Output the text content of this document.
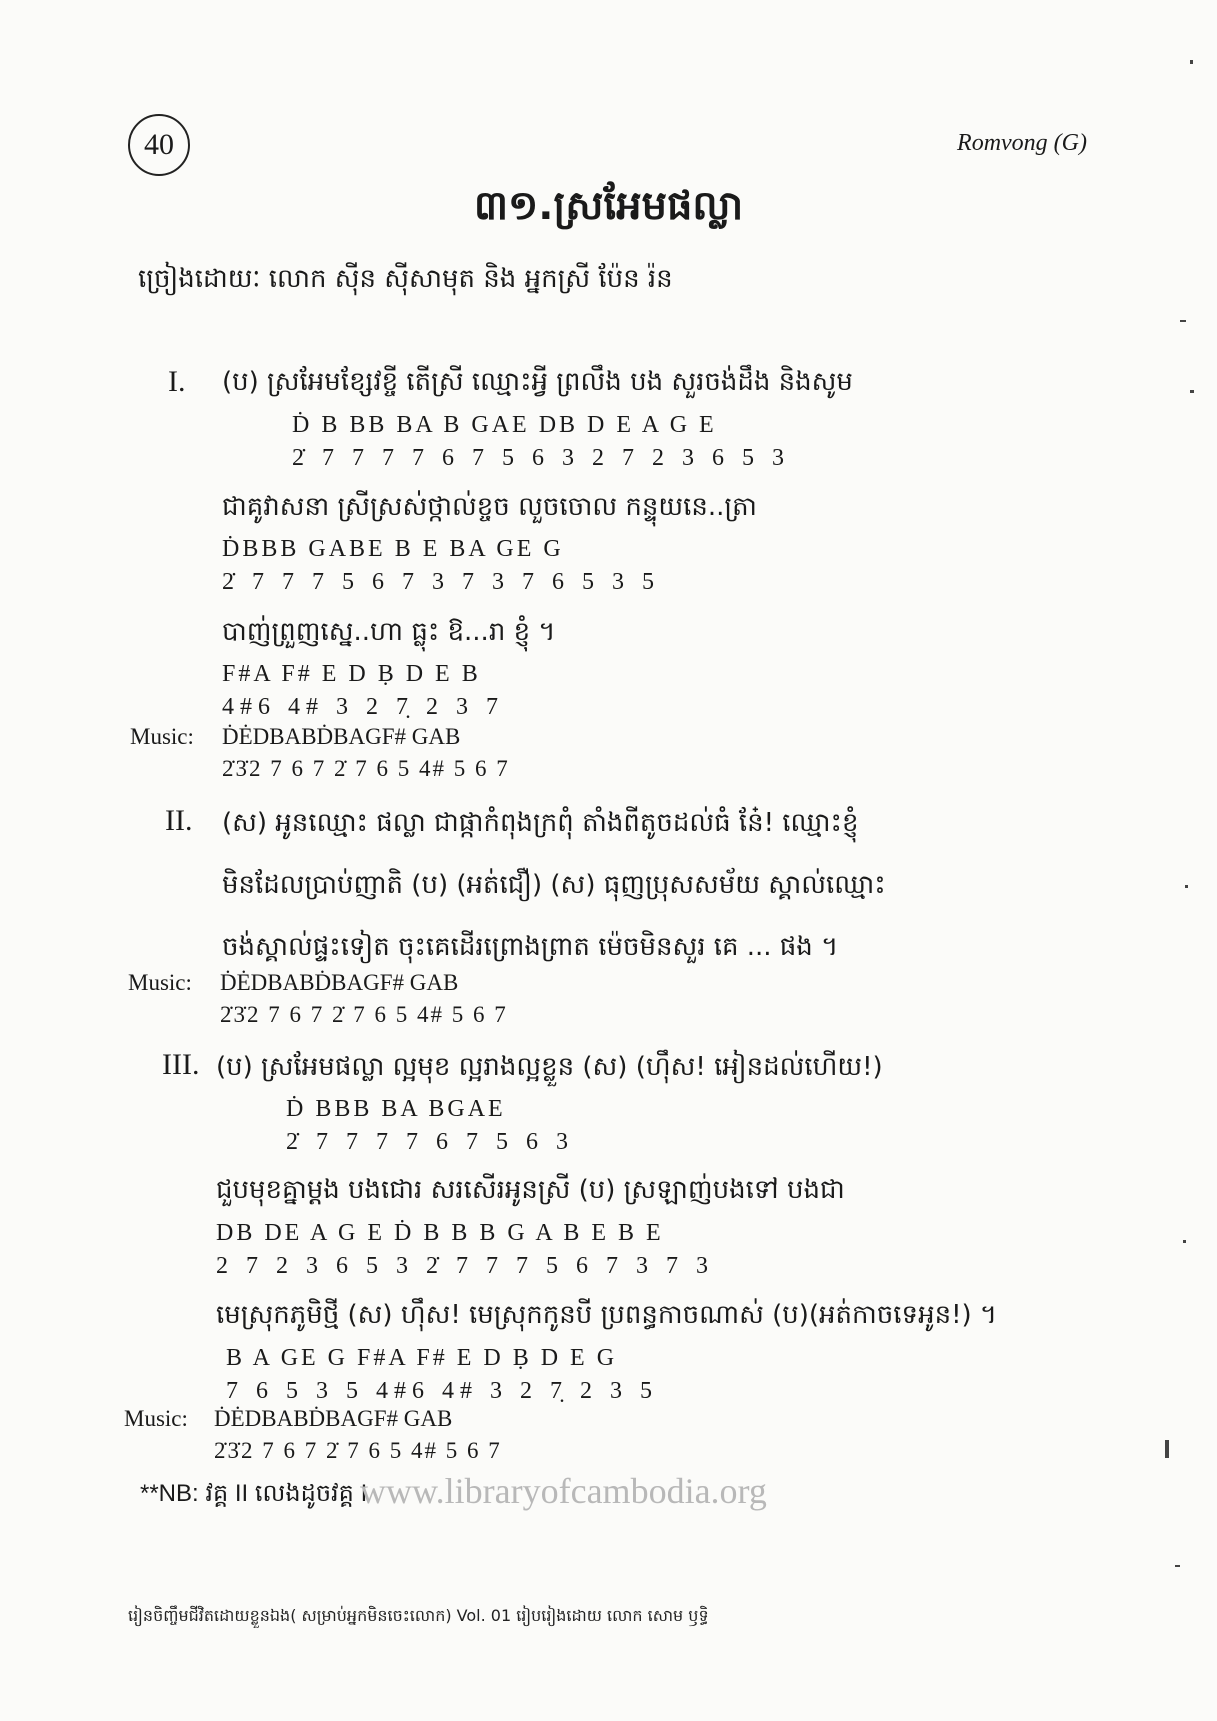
40	Romvong (G)
៣១.ស្រអែមផល្លា
ច្រៀងដោយៈ លោក ស៊ីន ស៊ីសាមុត និង អ្នកស្រី ប៉ែន រ៉ន
I. (ប) ស្រអែមខ្សែវខ្ចី តើស្រី ឈ្មោះអ្វី ព្រលឹង បង សួរចង់ដឹង និងសូម
Ḋ B BB BA B GAE DB D E A G E
2̇ 7 7 7 7 6 7 5 6 3 2 7 2 3 6 5 3
ជាគូវាសនា ស្រីស្រស់ថ្កាល់ខ្ចច លួចចោល កន្ទុយនេ..ត្រា
ḊBBB GABE B E BA GE G
2̇ 7 7 7 5 6 7 3 7 3 7 6 5 3 5
បាញ់ព្រួញស្នេ..ហា ធ្លុះ ឱ...រា ខ្ញុំ ។
F#A F# E D Ḅ D E B
4#6 4# 3 2 7̣ 2 3 7
Music: ḊĖDBABḊBAGF# GAB
2̇3̇2 7 6 7 2̇ 7 6 5 4# 5 6 7
II. (ស) អូនឈ្មោះ ផល្លា ជាផ្កាកំពុងក្រពុំ តាំងពីតូចដល់ធំ នែ៎! ឈ្មោះខ្ញុំ
មិនដែលប្រាប់ញាតិ (ប) (អត់ជឿ) (ស) ធុញប្រុសសម័យ ស្គាល់ឈ្មោះ
ចង់ស្គាល់ផ្ទះទៀត ចុះគេដើរព្រោងព្រាត ម៉េចមិនសួរ គេ ... ផង ។
Music: ḊĖDBABḊBAGF# GAB
2̇3̇2 7 6 7 2̇ 7 6 5 4# 5 6 7
III. (ប) ស្រអែមផល្លា ល្អមុខ ល្អរាងល្អខ្លួន (ស) (ហ៊ឹស! អៀនដល់ហើយ!)
Ḋ BBB BA BGAE
2̇ 7 7 7 7 6 7 5 6 3
ជួបមុខគ្នាម្ដង បងជោរ សរសើរអូនស្រី (ប) ស្រឡាញ់បងទៅ បងជា
DB DE A G E Ḋ B B B G A B E B E
2 7 2 3 6 5 3 2̇ 7 7 7 5 6 7 3 7 3
មេស្រុកភូមិថ្មី (ស) ហ៊ឹស! មេស្រុកកូនបី ប្រពន្ធកាចណាស់ (ប)(អត់កាចទេអូន!) ។
B A GE G F#A F# E D Ḅ D E G
7 6 5 3 5 4#6 4# 3 2 7̣ 2 3 5
Music: ḊĖDBABḊBAGF# GAB
2̇3̇2 7 6 7 2̇ 7 6 5 4# 5 6 7
**NB: វគ្គ II លេងដូចវគ្គ I
www.libraryofcambodia.org
រៀនចិញ្ចឹមជីវិតដោយខ្លួនឯង( សម្រាប់អ្នកមិនចេះលោក) Vol. 01 រៀបរៀងដោយ លោក សោម ឫទ្ធិ
